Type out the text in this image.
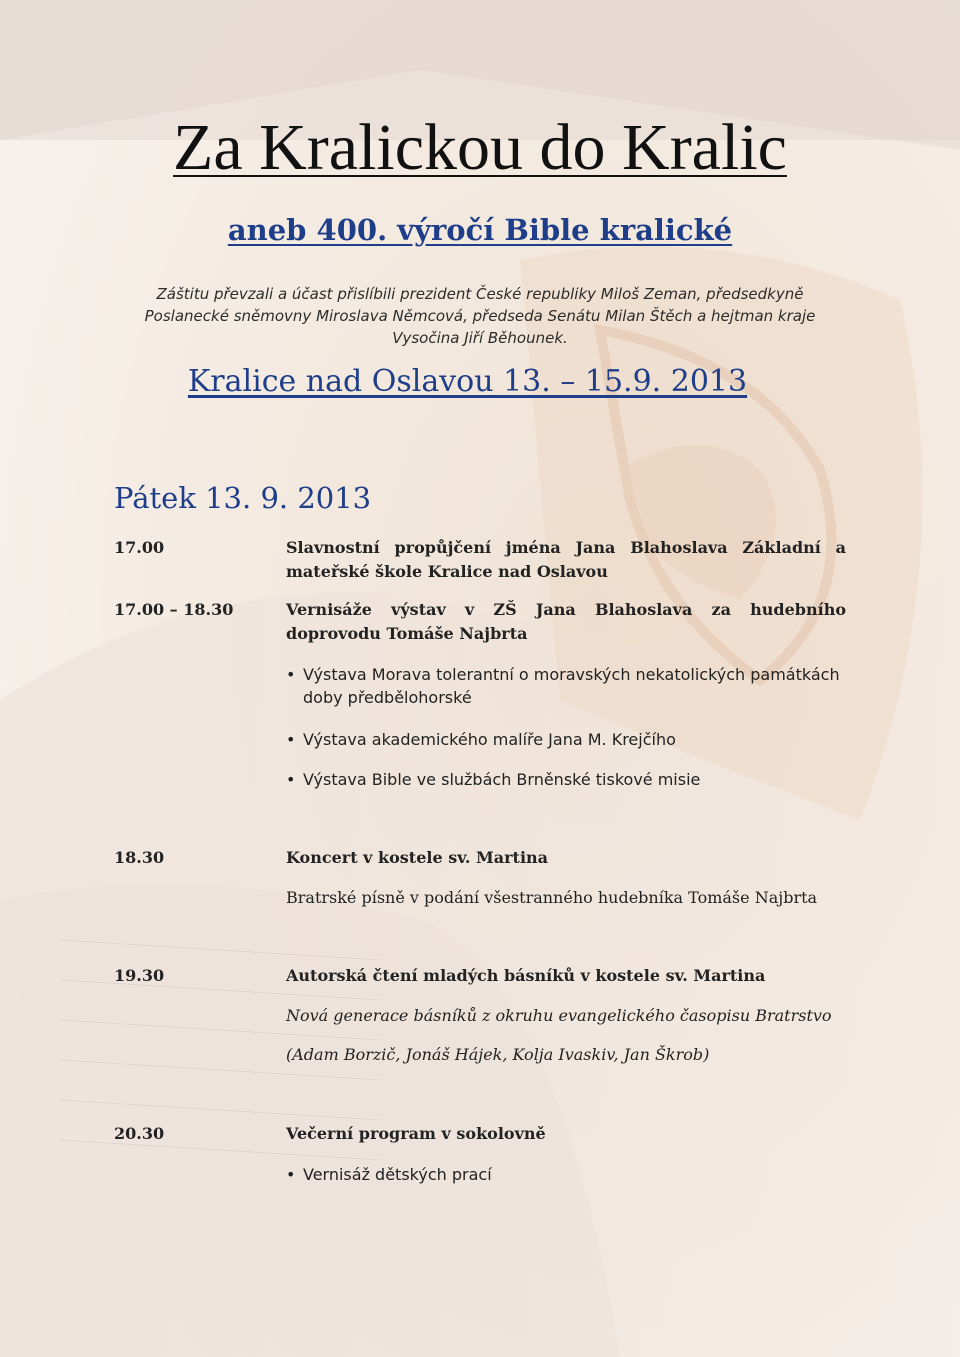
Za Kralickou do Kralic
aneb 400. výročí Bible kralické
Záštitu převzali a účast přislíbili prezident České republiky Miloš Zeman, předsedkyně Poslanecké sněmovny Miroslava Němcová, předseda Senátu Milan Štěch a hejtman kraje Vysočina Jiří Běhounek.
Kralice nad Oslavou 13. – 15.9. 2013
Pátek 13. 9. 2013
17.00	Slavnostní propůjčení jména Jana Blahoslava Základní a mateřské škole Kralice nad Oslavou
17.00 – 18.30	Vernisáže výstav v ZŠ Jana Blahoslava za hudebního doprovodu Tomáše Najbrta
• Výstava Morava tolerantní o moravských nekatolických památkách doby předbělohorské
• Výstava akademického malíře Jana M. Krejčího
• Výstava Bible ve službách Brněnské tiskové misie
18.30	Koncert v kostele sv. Martina
Bratrské písně v podání všestranného hudebníka Tomáše Najbrta
19.30	Autorská čtení mladých básníků v kostele sv. Martina
Nová generace básníků z okruhu evangelického časopisu Bratrstvo
(Adam Borzič, Jonáš Hájek, Kolja Ivaskiv, Jan Škrob)
20.30	Večerní program v sokolovně
• Vernisáž dětských prací
